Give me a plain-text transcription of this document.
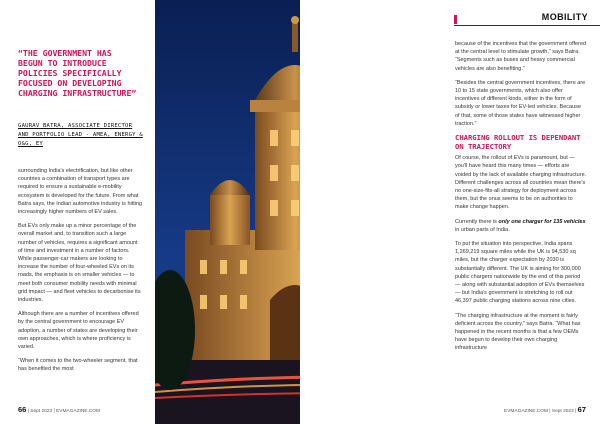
“THE GOVERNMENT HAS BEGUN TO INTRODUCE POLICIES SPECIFICALLY FOCUSED ON DEVELOPING CHARGING INFRASTRUCTURE”
GAURAV BATRA, ASSOCIATE DIRECTOR AND PORTFOLIO LEAD - AMEA, ENERGY & O&G, EY

surrounding India's electrification, but like other countries a combination of transport types are required to ensure a sustainable e-mobility ecosystem is developed for the future. From what Batra says, the Indian automotive industry is hitting increasingly higher numbers of EV sales.

But EVs only make up a minor percentage of the overall market and, to transition such a large number of vehicles, requires a significant amount of time and investment in a number of factors. While passenger-car makers are looking to increase the number of four-wheeled EVs on its roads, the emphasis is on smaller vehicles — to meet both consumer mobility needs with minimal grid impact — and fleet vehicles to decarbonise its industries.

Although there are a number of incentives offered by the central government to encourage EV adoption, a number of states are developing their own approaches, which is where proficiency is varied.

“When it comes to the two-wheeler segment, that has benefited the most

66 | Sept 2023 | EVMAGAZINE.COM
MOBILITY

because of the incentives that the government offered at the central level to stimulate growth,” says Batra. “Segments such as buses and heavy commercial vehicles are also benefiting.”

“Besides the central government incentives, there are 10 to 15 state governments, which also offer incentives of different kinds, either in the form of subsidy or lower taxes for EV-led vehicles. Because of that, some of those states have witnessed higher traction.”

CHARGING ROLLOUT IS DEPENDANT ON TRAJECTORY

Of course, the rollout of EVs is paramount, but — you'll have heard this many times — efforts are voided by the lack of available charging infrastructure. Different challenges across all countries mean there's no one-size-fits-all strategy for deployment across them, but the onus seems to be on authorities to make change happen.

Currently there is only one charger for 135 vehicles in urban parts of India.

To put the situation into perspective, India spans 1,269,219 square miles while the UK is 94,530 sq miles, but the charger expectation by 2030 is substantially different. The UK is aiming for 300,000 public chargers nationwide by the end of this period — along with substantial adoption of EVs themselves — but India's government is stretching to roll out 46,397 public charging stations across nine cities.

“The charging infrastructure at the moment is fairly deficient across the country,” says Batra. “What has happened in the recent months is that a few OEMs have begun to develop their own charging infrastructure

EVMAGAZINE.COM | Sept 2023 | 67
